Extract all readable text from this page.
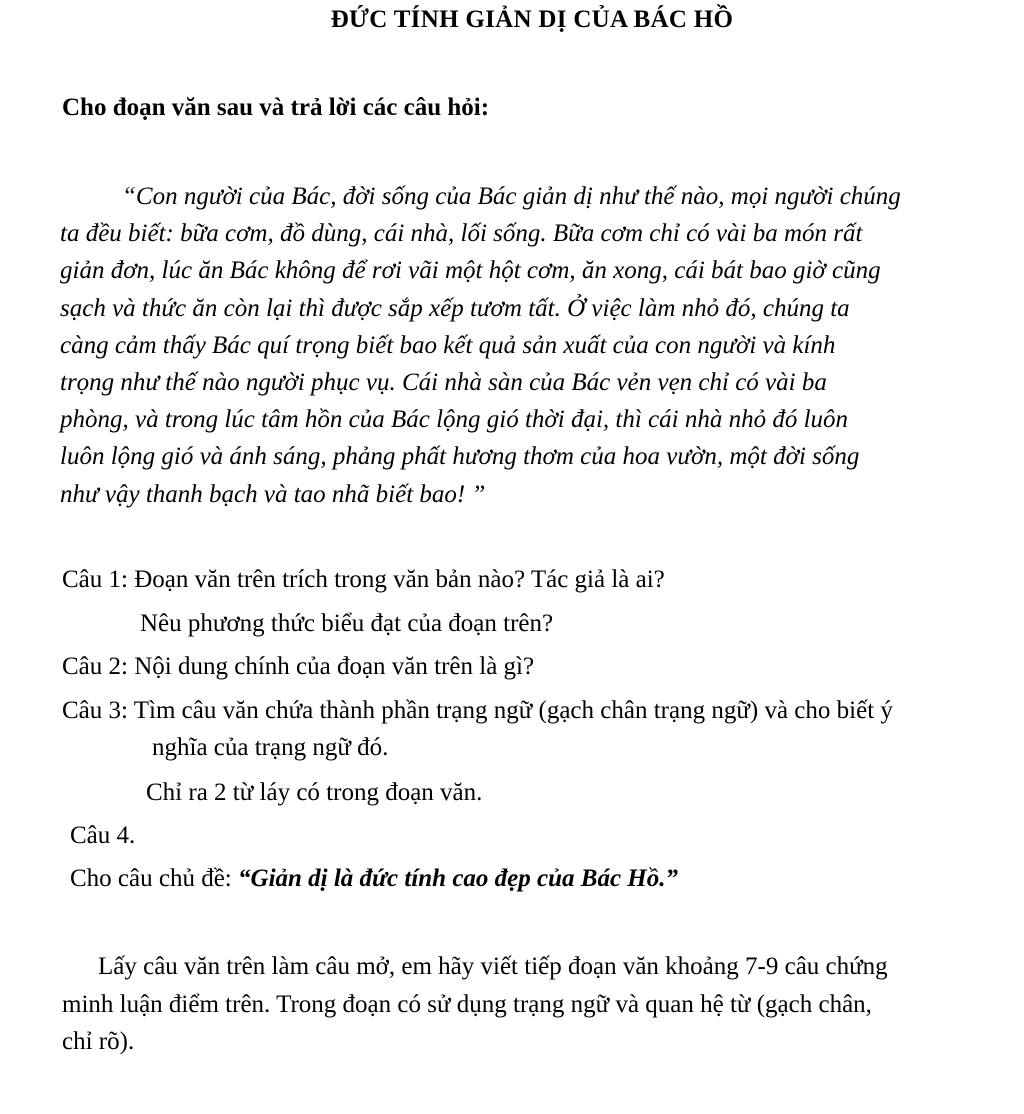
ĐỨC TÍNH GIẢN DỊ CỦA BÁC HỒ
Cho đoạn văn sau và trả lời các câu hỏi:
“Con người của Bác, đời sống của Bác giản dị như thế nào, mọi người chúng
ta đều biết: bữa cơm, đồ dùng, cái nhà, lối sống. Bữa cơm chỉ có vài ba món rất
giản đơn, lúc ăn Bác không để rơi vãi một hột cơm, ăn xong, cái bát bao giờ cũng
sạch và thức ăn còn lại thì được sắp xếp tươm tất. Ở việc làm nhỏ đó, chúng ta
càng cảm thấy Bác quí trọng biết bao kết quả sản xuất của con người và kính
trọng như thế nào người phục vụ. Cái nhà sàn của Bác vẻn vẹn chỉ có vài ba
phòng, và trong lúc tâm hồn của Bác lộng gió thời đại, thì cái nhà nhỏ đó luôn
luôn lộng gió và ánh sáng, phảng phất hương thơm của hoa vườn, một đời sống
như vậy thanh bạch và tao nhã biết bao! ”
Câu 1: Đoạn văn trên trích trong văn bản nào? Tác giả là ai?
Nêu phương thức biểu đạt của đoạn trên?
Câu 2: Nội dung chính của đoạn văn trên là gì?
Câu 3: Tìm câu văn chứa thành phần trạng ngữ (gạch chân trạng ngữ) và cho biết ý
nghĩa của trạng ngữ đó.
Chỉ ra 2 từ láy có trong đoạn văn.
Câu 4.
Cho câu chủ đề: “Giản dị là đức tính cao đẹp của Bác Hồ.”
Lấy câu văn trên làm câu mở, em hãy viết tiếp đoạn văn khoảng 7-9 câu chứng
minh luận điểm trên. Trong đoạn có sử dụng trạng ngữ và quan hệ từ (gạch chân,
chỉ rõ).
